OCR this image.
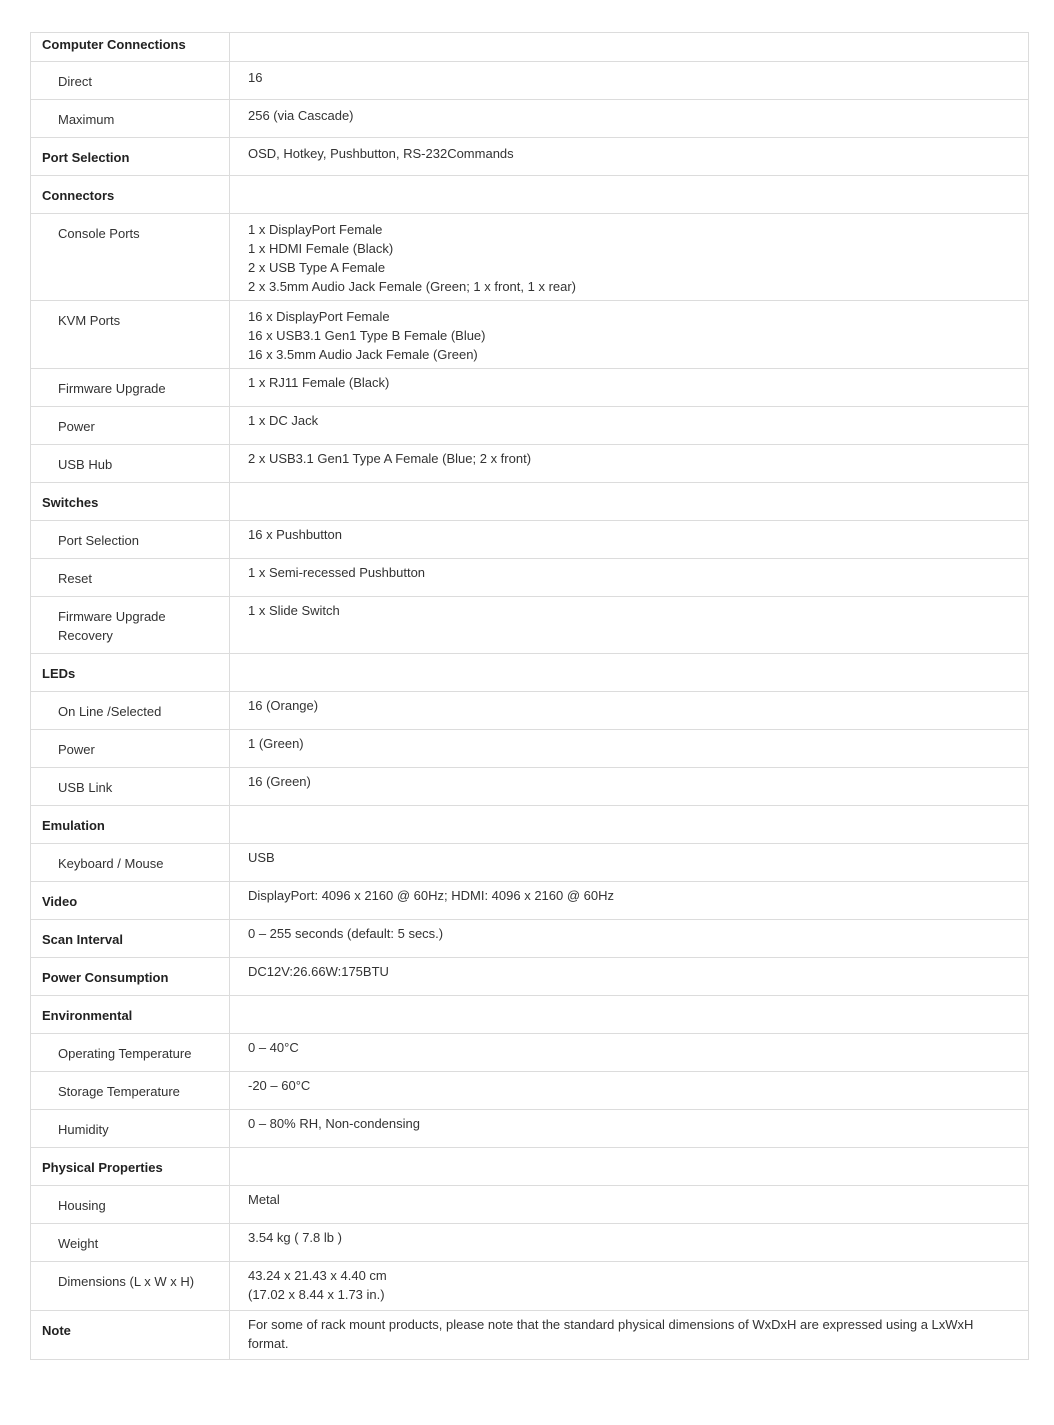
Computer Connections	

Direct	16

Maximum	256 (via Cascade)

Port Selection	OSD, Hotkey, Pushbutton, RS-232Commands

Connectors	

Console Ports	1 x DisplayPort Female
1 x HDMI Female (Black)
2 x USB Type A Female
2 x 3.5mm Audio Jack Female (Green; 1 x front, 1 x rear)

KVM Ports	16 x DisplayPort Female
16 x USB3.1 Gen1 Type B Female (Blue)
16 x 3.5mm Audio Jack Female (Green)

Firmware Upgrade	1 x RJ11 Female (Black)

Power	1 x DC Jack

USB Hub	2 x USB3.1 Gen1 Type A Female (Blue; 2 x front)

Switches	

Port Selection	16 x Pushbutton

Reset	1 x Semi-recessed Pushbutton

Firmware Upgrade Recovery	1 x Slide Switch

LEDs	

On Line /Selected	16 (Orange)

Power	1 (Green)

USB Link	16 (Green)

Emulation	

Keyboard / Mouse	USB

Video	DisplayPort: 4096 x 2160 @ 60Hz; HDMI: 4096 x 2160 @ 60Hz

Scan Interval	0 – 255 seconds (default: 5 secs.)

Power Consumption	DC12V:26.66W:175BTU

Environmental	

Operating Temperature	0 – 40°C

Storage Temperature	-20 – 60°C

Humidity	0 – 80% RH, Non-condensing

Physical Properties	

Housing	Metal

Weight	3.54 kg ( 7.8 lb )

Dimensions (L x W x H)	43.24 x 21.43 x 4.40 cm
(17.02 x 8.44 x 1.73 in.)

Note	For some of rack mount products, please note that the standard physical dimensions of WxDxH are expressed using a LxWxH format.
